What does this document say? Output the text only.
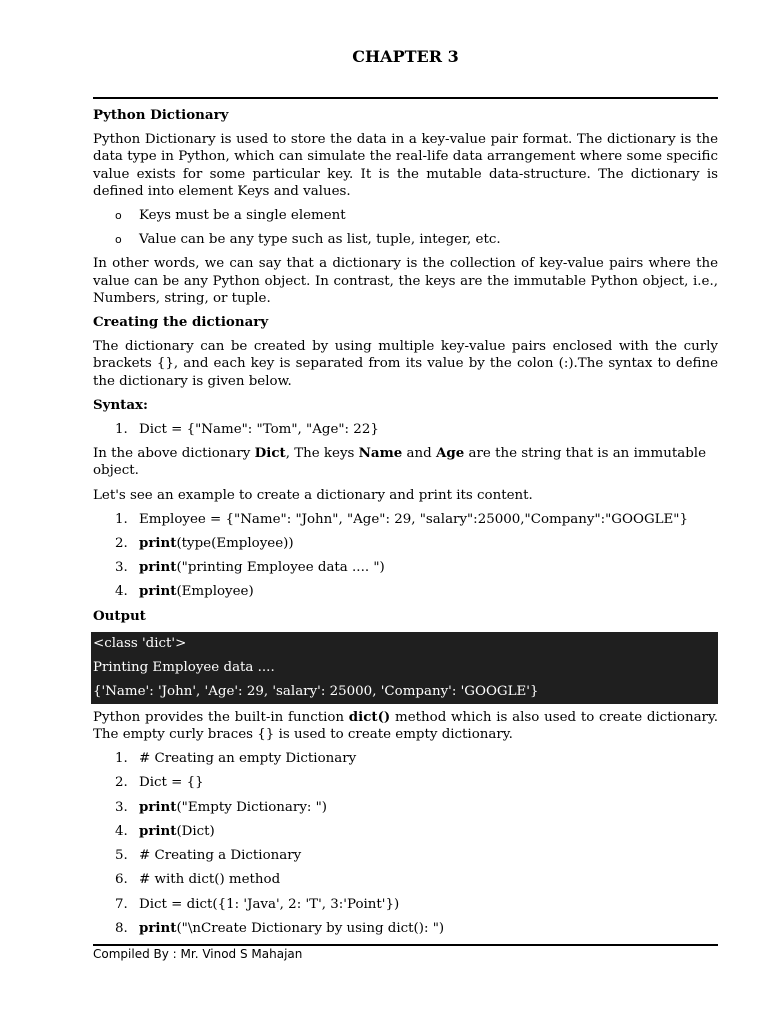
CHAPTER 3
Python Dictionary

Python Dictionary is used to store the data in a key-value pair format. The dictionary is the data type in Python, which can simulate the real-life data arrangement where some specific value exists for some particular key. It is the mutable data-structure. The dictionary is defined into element Keys and values.

o Keys must be a single element
o Value can be any type such as list, tuple, integer, etc.

In other words, we can say that a dictionary is the collection of key-value pairs where the value can be any Python object. In contrast, the keys are the immutable Python object, i.e., Numbers, string, or tuple.

Creating the dictionary

The dictionary can be created by using multiple key-value pairs enclosed with the curly brackets {}, and each key is separated from its value by the colon (:).The syntax to define the dictionary is given below.

Syntax:
1. Dict = {"Name": "Tom", "Age": 22}

In the above dictionary Dict, The keys Name and Age are the string that is an immutable object.

Let's see an example to create a dictionary and print its content.

1. Employee = {"Name": "John", "Age": 29, "salary":25000,"Company":"GOOGLE"}
2. print(type(Employee))
3. print("printing Employee data .... ")
4. print(Employee)
Output
<class 'dict'>
Printing Employee data ....
{'Name': 'John', 'Age': 29, 'salary': 25000, 'Company': 'GOOGLE'}

Python provides the built-in function dict() method which is also used to create dictionary. The empty curly braces {} is used to create empty dictionary.

1. # Creating an empty Dictionary
2. Dict = {}
3. print("Empty Dictionary: ")
4. print(Dict)
5. # Creating a Dictionary
6. # with dict() method
7. Dict = dict({1: 'Java', 2: 'T', 3:'Point'})
8. print("\nCreate Dictionary by using dict(): ")
Compiled By : Mr. Vinod S Mahajan
